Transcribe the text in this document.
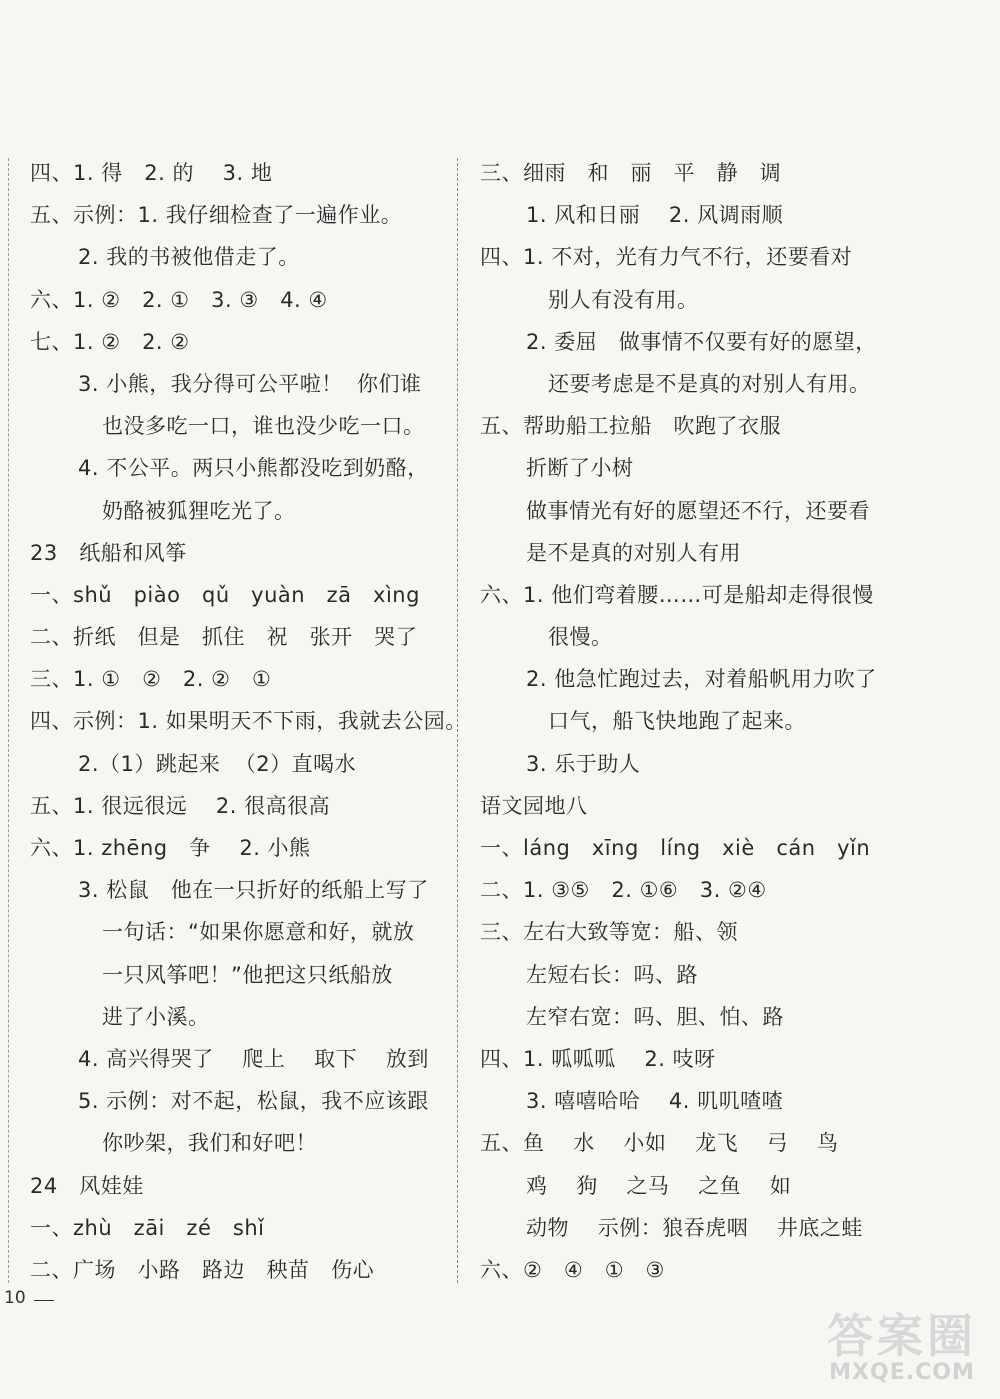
四、1. 得   2. 的    3. 地
五、示例：1. 我仔细检查了一遍作业。
2. 我的书被他借走了。
六、1. ②   2. ①   3. ③   4. ④
七、1. ②   2. ②
3. 小熊，我分得可公平啦！  你们谁
也没多吃一口，谁也没少吃一口。
4. 不公平。两只小熊都没吃到奶酪，
奶酪被狐狸吃光了。
23   纸船和风筝
一、shǔ   piào   qǔ   yuàn   zā   xìng
二、折纸   但是   抓住   祝   张开   哭了
三、1. ①   ②   2. ②   ①
四、示例：1. 如果明天不下雨，我就去公园。
2.（1）跳起来  （2）直喝水
五、1. 很远很远    2. 很高很高
六、1. zhēng   争    2. 小熊
3. 松鼠   他在一只折好的纸船上写了
一句话：“如果你愿意和好，就放
一只风筝吧！”他把这只纸船放
进了小溪。
4. 高兴得哭了    爬上    取下    放到
5. 示例：对不起，松鼠，我不应该跟
你吵架，我们和好吧！
24   风娃娃
一、zhù   zāi   zé   shǐ
二、广场   小路   路边   秧苗   伤心
三、细雨   和   丽   平   静   调
1. 风和日丽    2. 风调雨顺
四、1. 不对，光有力气不行，还要看对
别人有没有用。
2. 委屈   做事情不仅要有好的愿望，
还要考虑是不是真的对别人有用。
五、帮助船工拉船   吹跑了衣服
折断了小树
做事情光有好的愿望还不行，还要看
是不是真的对别人有用
六、1. 他们弯着腰……可是船却走得很慢
很慢。
2. 他急忙跑过去，对着船帆用力吹了
口气，船飞快地跑了起来。
3. 乐于助人
语文园地八
一、láng   xīng   líng   xiè   cán   yǐn
二、1. ③⑤   2. ①⑥   3. ②④
三、左右大致等宽：船、领
左短右长：吗、路
左窄右宽：吗、胆、怕、路
四、1. 呱呱呱    2. 吱呀
3. 嘻嘻哈哈    4. 叽叽喳喳
五、鱼    水    小如    龙飞    弓    鸟
鸡    狗    之马    之鱼    如
动物    示例：狼吞虎咽    井底之蛙
六、②   ④   ①   ③
10
答案圈
MXQE.COM
